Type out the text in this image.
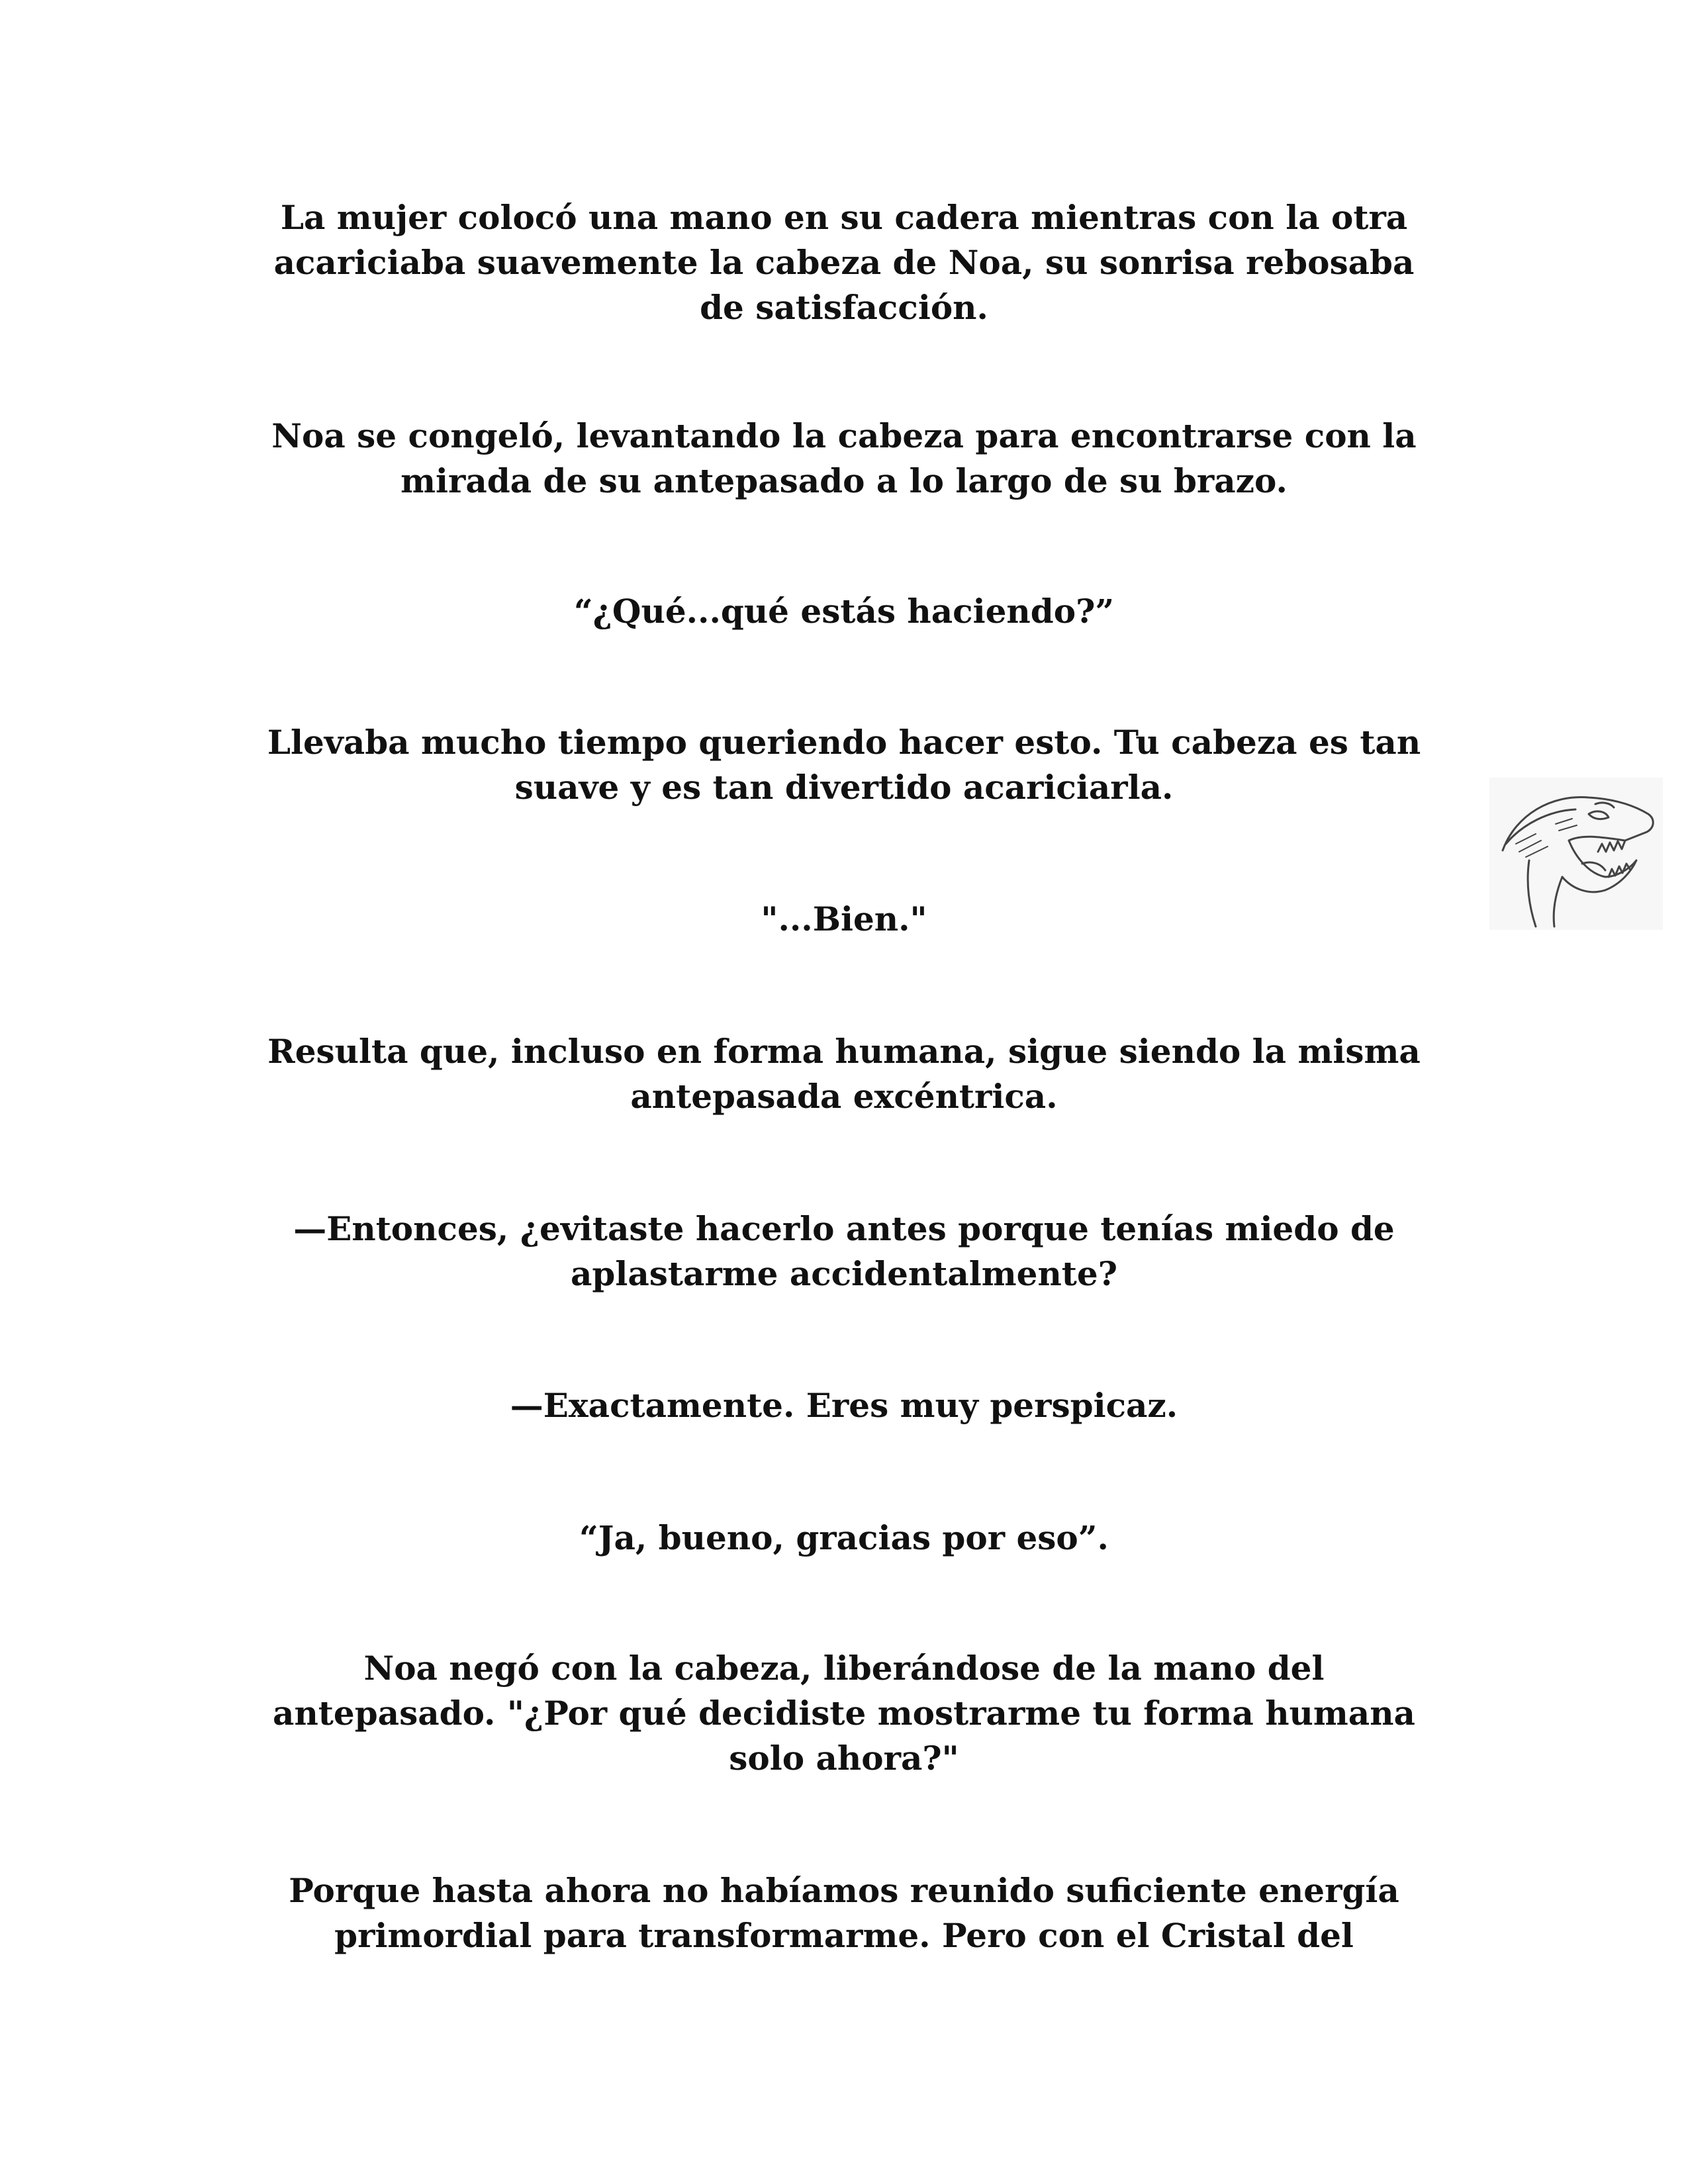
La mujer colocó una mano en su cadera mientras con la otra
acariciaba suavemente la cabeza de Noa, su sonrisa rebosaba
de satisfacción.

Noa se congeló, levantando la cabeza para encontrarse con la
mirada de su antepasado a lo largo de su brazo.

“¿Qué...qué estás haciendo?”

Llevaba mucho tiempo queriendo hacer esto. Tu cabeza es tan
suave y es tan divertido acariciarla.

"...Bien."

Resulta que, incluso en forma humana, sigue siendo la misma
antepasada excéntrica.

—Entonces, ¿evitaste hacerlo antes porque tenías miedo de
aplastarme accidentalmente?

—Exactamente. Eres muy perspicaz.

“Ja, bueno, gracias por eso”.

Noa negó con la cabeza, liberándose de la mano del
antepasado. "¿Por qué decidiste mostrarme tu forma humana
solo ahora?"

Porque hasta ahora no habíamos reunido suficiente energía
primordial para transformarme. Pero con el Cristal del
